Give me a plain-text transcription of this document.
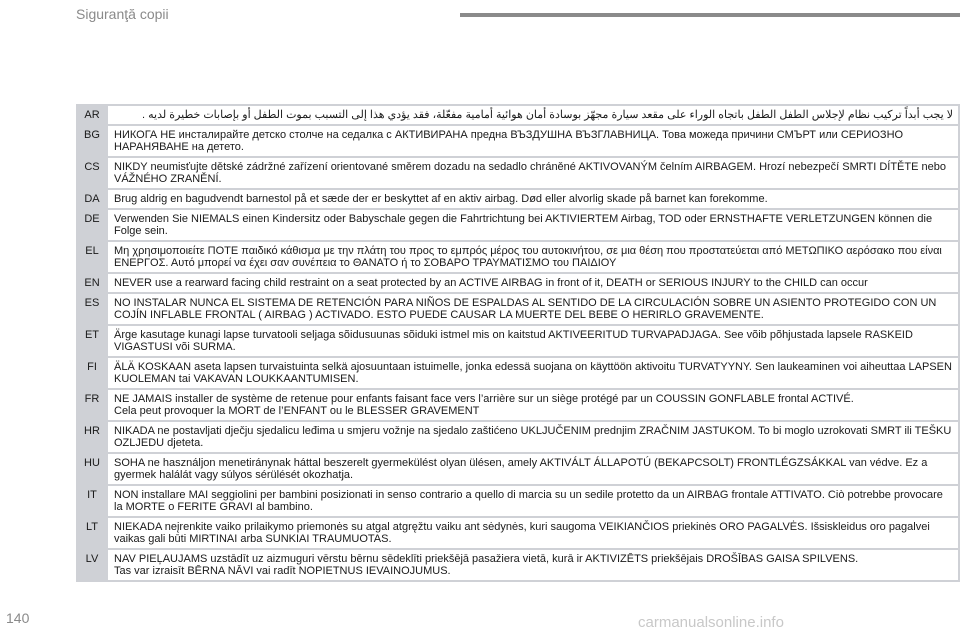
Siguranţă copii
AR	لا يجب أبداً تركيب نظام لإجلاس الطفل الطفل باتجاه الوراء على مقعد سيارة مجهّز بوسادة أمان هوائية أمامية مفعّلة، فقد يؤدي هذا إلى التسبب بموت الطفل أو بإصابات خطيرة لديه .
BG	НИКОГА НЕ инсталирайте детско столче на седалка с АКТИВИРАНА предна ВЪЗДУШНА ВЪЗГЛАВНИЦА. Това можеда причини СМЪРТ или СЕРИОЗНО НАРАНЯВАНЕ на детето.
CS	NIKDY neumisťujte dětské zádržné zařízení orientované směrem dozadu na sedadlo chráněné AKTIVOVANÝM čelním AIRBAGEM. Hrozí nebezpečí SMRTI DÍTĚTE nebo VÁŽNÉHO ZRANĚNÍ.
DA	Brug aldrig en bagudvendt barnestol på et sæde der er beskyttet af en aktiv airbag. Død eller alvorlig skade på barnet kan forekomme.
DE	Verwenden Sie NIEMALS einen Kindersitz oder Babyschale gegen die Fahrtrichtung bei AKTIVIERTEM Airbag, TOD oder ERNSTHAFTE VERLETZUNGEN können die Folge sein.
EL	Μη χρησιμοποιείτε ΠΟΤΕ παιδικό κάθισμα με την πλάτη του προς το εμπρός μέρος του αυτοκινήτου, σε μια θέση που προστατεύεται από ΜΕΤΩΠΙΚΟ αερόσακο που είναι ΕΝΕΡΓΟΣ. Αυτό μπορεί να έχει σαν συνέπεια το ΘΑΝΑΤΟ ή το ΣΟΒΑΡΟ ΤΡΑΥΜΑΤΙΣΜΟ του ΠΑΙΔΙΟΥ
EN	NEVER use a rearward facing child restraint on a seat protected by an ACTIVE AIRBAG in front of it, DEATH or SERIOUS INJURY to the CHILD can occur
ES	NO INSTALAR NUNCA EL SISTEMA DE RETENCIÓN PARA NIÑOS DE ESPALDAS AL SENTIDO DE LA CIRCULACIÓN SOBRE UN ASIENTO PROTEGIDO CON UN COJÍN INFLABLE FRONTAL ( AIRBAG ) ACTIVADO. ESTO PUEDE CAUSAR LA MUERTE DEL BEBE O HERIRLO GRAVEMENTE.
ET	Ärge kasutage kunagi lapse turvatooli seljaga sõidusuunas sõiduki istmel mis on kaitstud AKTIVEERITUD TURVAPADJAGA. See võib põhjustada lapsele RASKEID VIGASTUSI või SURMA.
FI	ÄLÄ KOSKAAN aseta lapsen turvaistuinta selkä ajosuuntaan istuimelle, jonka edessä suojana on käyttöön aktivoitu TURVATYYNY. Sen laukeaminen voi aiheuttaa LAPSEN KUOLEMAN tai VAKAVAN LOUKKAANTUMISEN.
FR	NE JAMAIS installer de système de retenue pour enfants faisant face vers l’arrière sur un siège protégé par un COUSSIN GONFLABLE frontal ACTIVÉ.
Cela peut provoquer la MORT de l’ENFANT ou le BLESSER GRAVEMENT
HR	NIKADA ne postavljati dječju sjedalicu leđima u smjeru vožnje na sjedalo zaštićeno UKLJUČENIM prednjim ZRAČNIM JASTUKOM. To bi moglo uzrokovati SMRT ili TEŠKU OZLJEDU djeteta.
HU	SOHA ne használjon menetiránynak háttal beszerelt gyermekülést olyan ülésen, amely AKTIVÁLT ÁLLAPOTÚ (BEKAPCSOLT) FRONTLÉGZSÁKKAL van védve. Ez a gyermek halálát vagy súlyos sérülését okozhatja.
IT	NON installare MAI seggiolini per bambini posizionati in senso contrario a quello di marcia su un sedile protetto da un AIRBAG frontale ATTIVATO. Ciò potrebbe provocare la MORTE o FERITE GRAVI al bambino.
LT	NIEKADA neįrenkite vaiko prilaikymo priemonės su atgal atgręžtu vaiku ant sėdynės, kuri saugoma VEIKIANČIOS priekinės ORO PAGALVĖS. Išsiskleidus oro pagalvei vaikas gali būti MIRTINAI arba SUNKIAI TRAUMUOTAS.
LV	NAV PIEĻAUJAMS uzstādīt uz aizmuguri vērstu bērnu sēdeklīti priekšējā pasažiera vietā, kurā ir AKTIVIZĒTS priekšējais DROŠĪBAS GAISA SPILVENS.
Tas var izraisīt BĒRNA NĀVI vai radīt NOPIETNUS IEVAINOJUMUS.
140	carmanualsonline.info
